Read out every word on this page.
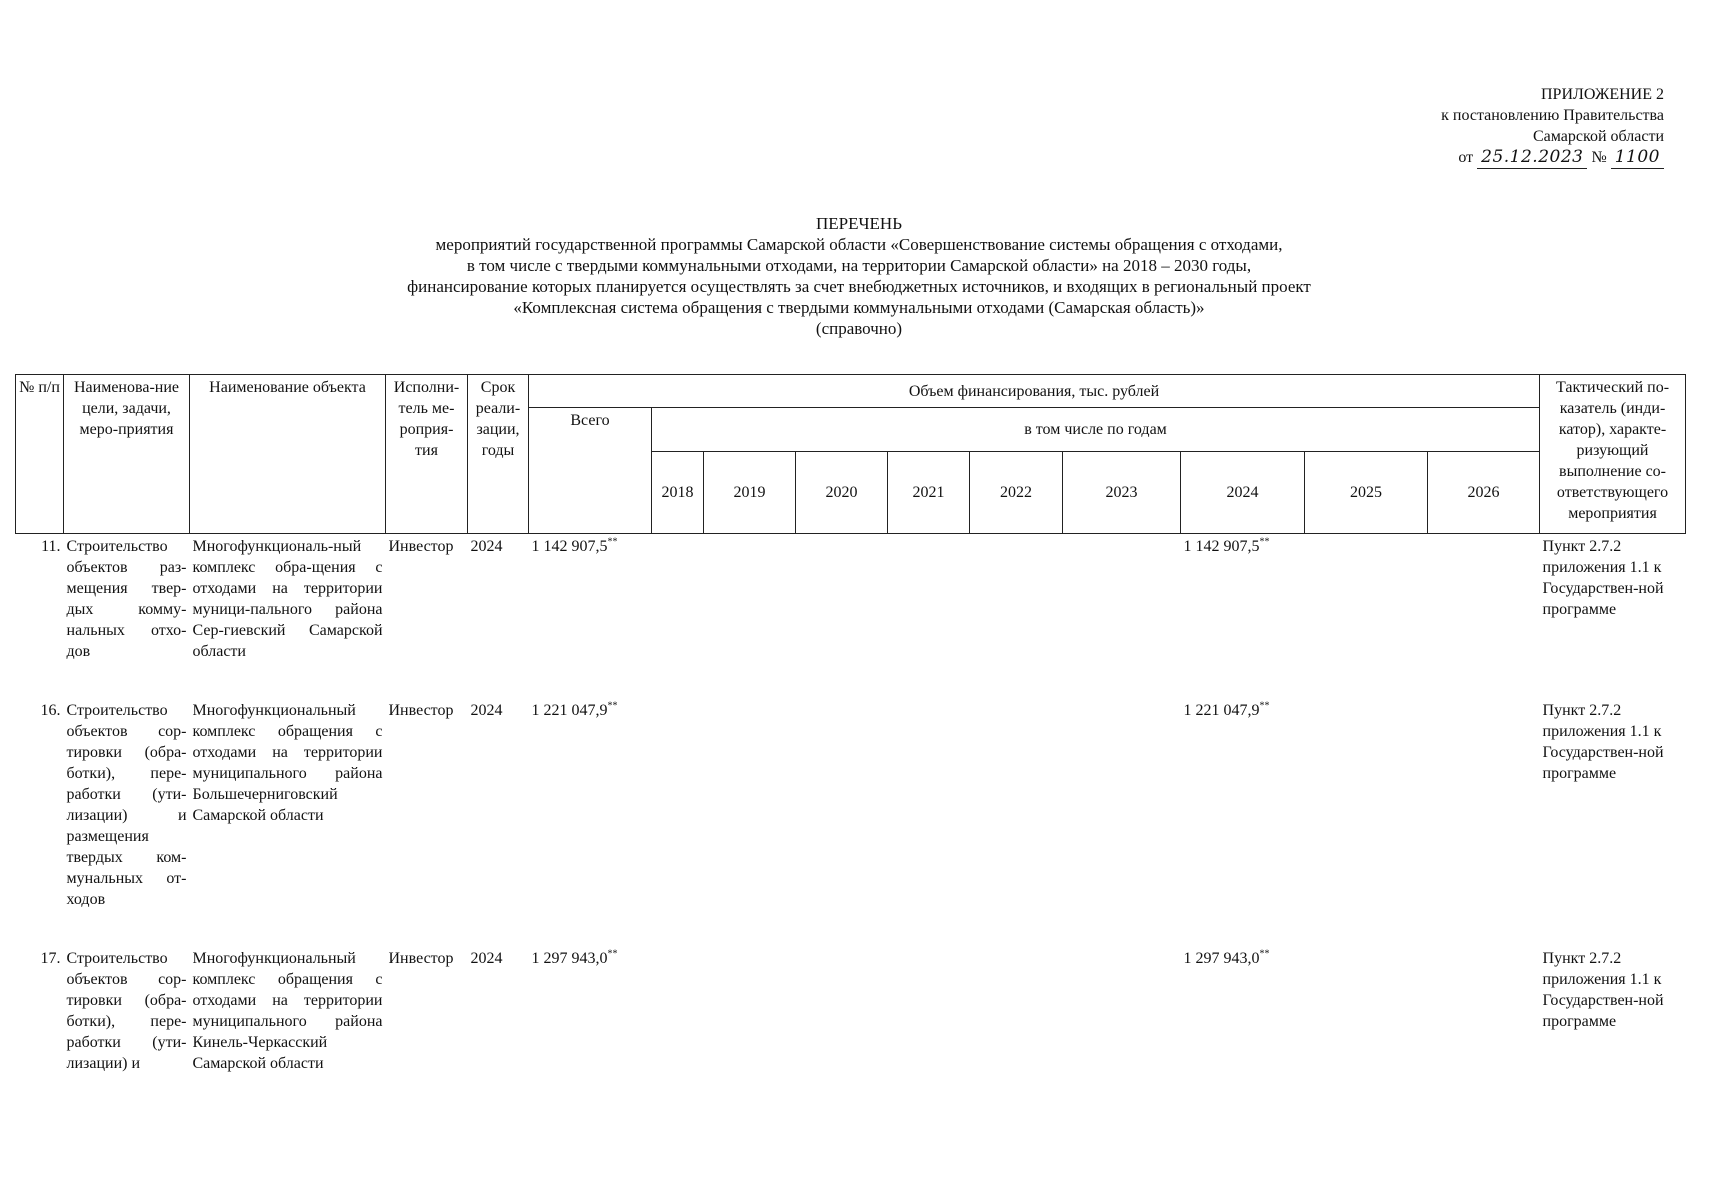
ПРИЛОЖЕНИЕ 2
к постановлению Правительства
Самарской области
от 25.12.2023 № 1100
ПЕРЕЧЕНЬ
мероприятий государственной программы Самарской области «Совершенствование системы обращения с отходами,
в том числе с твердыми коммунальными отходами, на территории Самарской области» на 2018 – 2030 годы,
финансирование которых планируется осуществлять за счет внебюджетных источников, и входящих в региональный проект
«Комплексная система обращения с твердыми коммунальными отходами (Самарская область)»
(справочно)
№ п/п	Наименова-ние цели, задачи, меро-приятия	Наименование объекта	Исполни-тель ме-роприя-тия	Срок реали-зации, годы	Объем финансирования, тыс. рублей										Тактический по-казатель (инди-катор), характе-ризующий выполнение со-ответствующего мероприятия
					Всего	в том числе по годам									
						2018	2019	2020	2021	2022	2023	2024	2025	2026	
11.	Строительство объектов раз-мещения твер-дых комму-нальных отхо-дов	Многофункциональ-ный комплекс обра-щения с отходами на территории муници-пального района Сер-гиевский Самарской области	Инвестор	2024	1 142 907,5**							1 142 907,5**			Пункт 2.7.2 приложения 1.1 к Государствен-ной программе

16.	Строительство объектов сор-тировки (обра-ботки), пере-работки (ути-лизации) и размещения твердых ком-мунальных от-ходов	Многофункциональный комплекс обращения с отходами на территории муниципального района Большечерниговский Самарской области	Инвестор	2024	1 221 047,9**							1 221 047,9**			Пункт 2.7.2 приложения 1.1 к Государствен-ной программе

17.	Строительство объектов сор-тировки (обра-ботки), пере-работки (ути-лизации) и	Многофункциональный комплекс обращения с отходами на территории муниципального района Кинель-Черкасский Самарской области	Инвестор	2024	1 297 943,0**							1 297 943,0**			Пункт 2.7.2 приложения 1.1 к Государствен-ной программе
